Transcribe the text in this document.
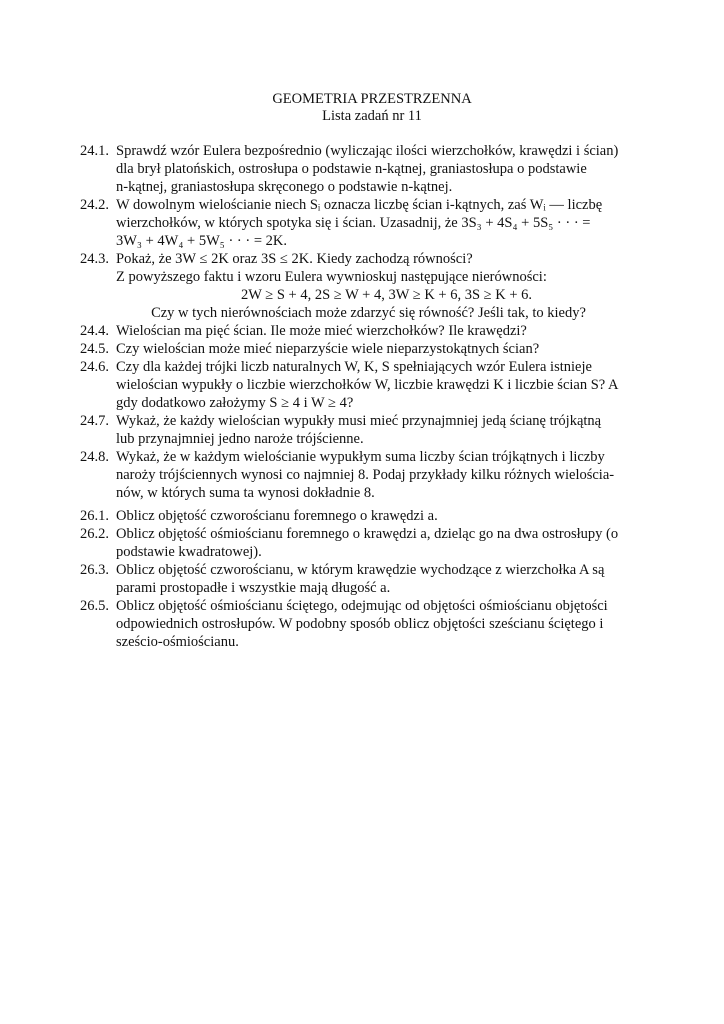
GEOMETRIA PRZESTRZENNA
Lista zadań nr 11
24.1. Sprawdź wzór Eulera bezpośrednio (wyliczając ilości wierzchołków, krawędzi i ścian)
dla brył platońskich, ostrosłupa o podstawie n-kątnej, graniastosłupa o podstawie
n-kątnej, graniastosłupa skręconego o podstawie n-kątnej.
24.2. W dowolnym wielościanie niech Sᵢ oznacza liczbę ścian i-kątnych, zaś Wᵢ — liczbę
wierzchołków, w których spotyka się i ścian. Uzasadnij, że 3S₃ + 4S₄ + 5S₅ · · · =
3W₃ + 4W₄ + 5W₅ · · · = 2K.
24.3. Pokaż, że 3W ≤ 2K oraz 3S ≤ 2K. Kiedy zachodzą równości?
Z powyższego faktu i wzoru Eulera wywnioskuj następujące nierówności:
2W ≥ S + 4, 2S ≥ W + 4, 3W ≥ K + 6, 3S ≥ K + 6.
Czy w tych nierównościach może zdarzyć się równość? Jeśli tak, to kiedy?
24.4. Wielościan ma pięć ścian. Ile może mieć wierzchołków? Ile krawędzi?
24.5. Czy wielościan może mieć nieparzyście wiele nieparzystokątnych ścian?
24.6. Czy dla każdej trójki liczb naturalnych W, K, S spełniających wzór Eulera istnieje
wielościan wypukły o liczbie wierzchołków W, liczbie krawędzi K i liczbie ścian S? A
gdy dodatkowo założymy S ≥ 4 i W ≥ 4?
24.7. Wykaż, że każdy wielościan wypukły musi mieć przynajmniej jedą ścianę trójkątną
lub przynajmniej jedno naroże trójścienne.
24.8. Wykaż, że w każdym wielościanie wypukłym suma liczby ścian trójkątnych i liczby
naroży trójściennych wynosi co najmniej 8. Podaj przykłady kilku różnych wielościa-
nów, w których suma ta wynosi dokładnie 8.
26.1. Oblicz objętość czworościanu foremnego o krawędzi a.
26.2. Oblicz objętość ośmiościanu foremnego o krawędzi a, dzieląc go na dwa ostrosłupy (o
podstawie kwadratowej).
26.3. Oblicz objętość czworościanu, w którym krawędzie wychodzące z wierzchołka A są
parami prostopadłe i wszystkie mają długość a.
26.5. Oblicz objętość ośmiościanu ściętego, odejmując od objętości ośmiościanu objętości
odpowiednich ostrosłupów. W podobny sposób oblicz objętości sześcianu ściętego i
sześcio-ośmiościanu.
